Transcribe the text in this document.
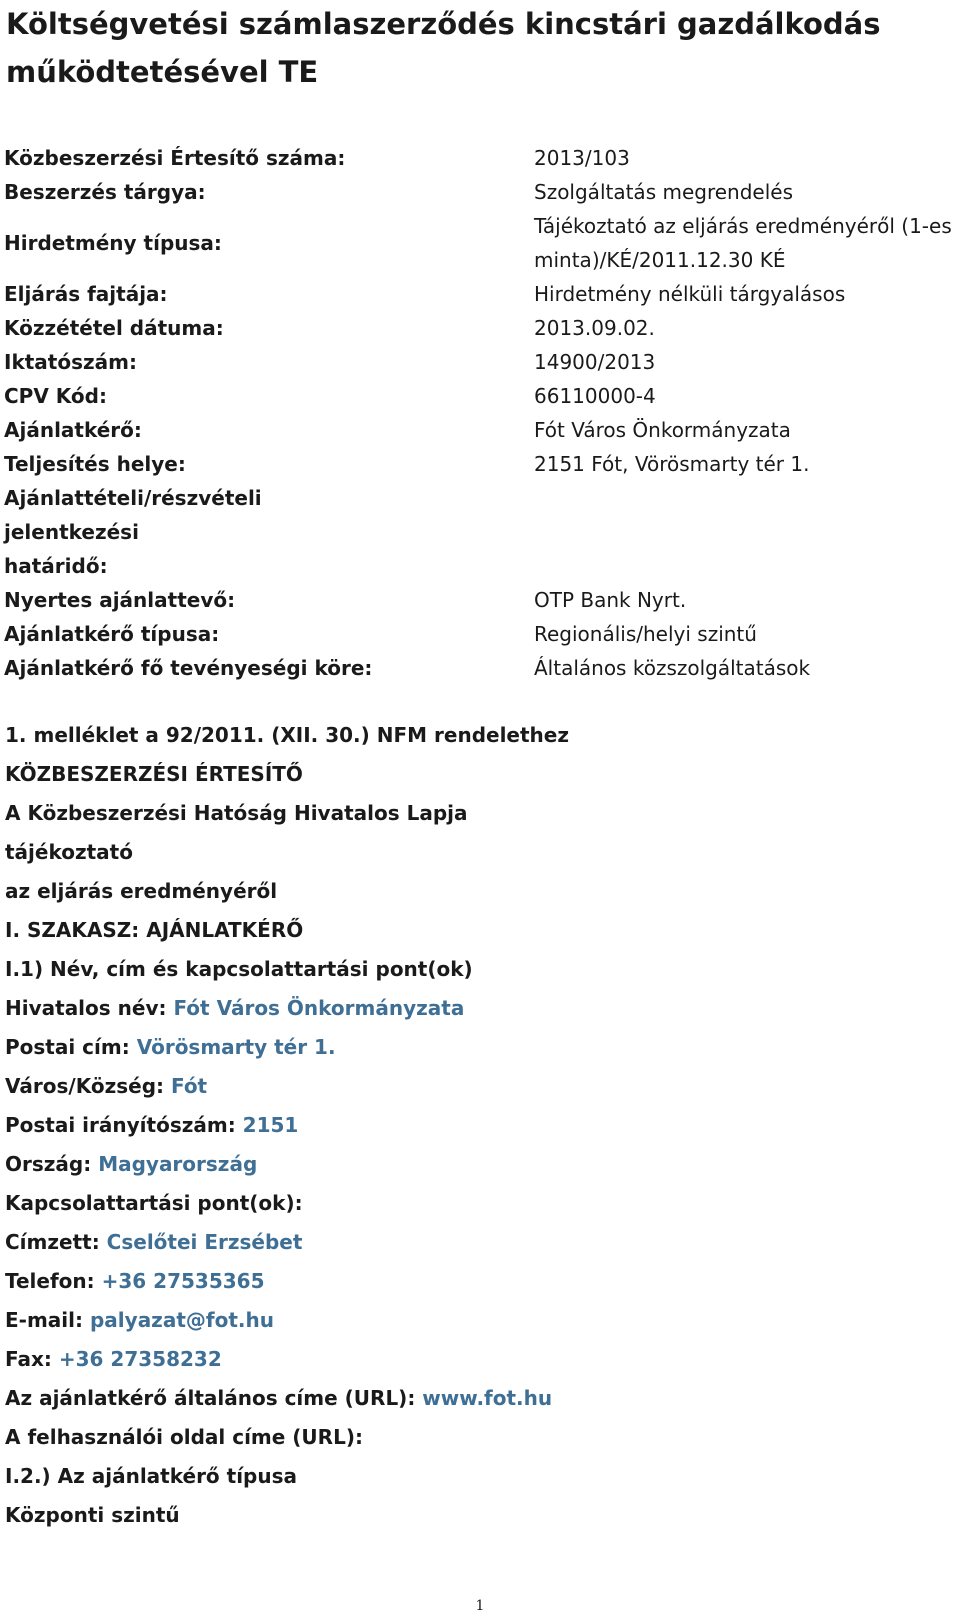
Költségvetési számlaszerződés kincstári gazdálkodás működtetésével TE
Közbeszerzési Értesítő száma:	2013/103
Beszerzés tárgya:	Szolgáltatás megrendelés
Hirdetmény típusa:
Tájékoztató az eljárás eredményéről (1-es
minta)/KÉ/2011.12.30 KÉ
Eljárás fajtája:	Hirdetmény nélküli tárgyalásos
Közzététel dátuma:	2013.09.02.
Iktatószám:	14900/2013
CPV Kód:	66110000-4
Ajánlatkérő:	Fót Város Önkormányzata
Teljesítés helye:	2151 Fót, Vörösmarty tér 1.
Ajánlattételi/részvételi jelentkezési
határidő:
Nyertes ajánlattevő:	OTP Bank Nyrt.
Ajánlatkérő típusa:	Regionális/helyi szintű
Ajánlatkérő fő tevényeségi köre:	Általános közszolgáltatások
1. melléklet a 92/2011. (XII. 30.) NFM rendelethez
KÖZBESZERZÉSI ÉRTESÍTŐ
A Közbeszerzési Hatóság Hivatalos Lapja
tájékoztató
az eljárás eredményéről
I. SZAKASZ: AJÁNLATKÉRŐ
I.1) Név, cím és kapcsolattartási pont(ok)
Hivatalos név: Fót Város Önkormányzata
Postai cím: Vörösmarty tér 1.
Város/Község: Fót
Postai irányítószám: 2151
Ország: Magyarország
Kapcsolattartási pont(ok):
Címzett: Cselőtei Erzsébet
Telefon: +36 27535365
E-mail: palyazat@fot.hu
Fax: +36 27358232
Az ajánlatkérő általános címe (URL): www.fot.hu
A felhasználói oldal címe (URL):
I.2.) Az ajánlatkérő típusa
Központi szintű
1
